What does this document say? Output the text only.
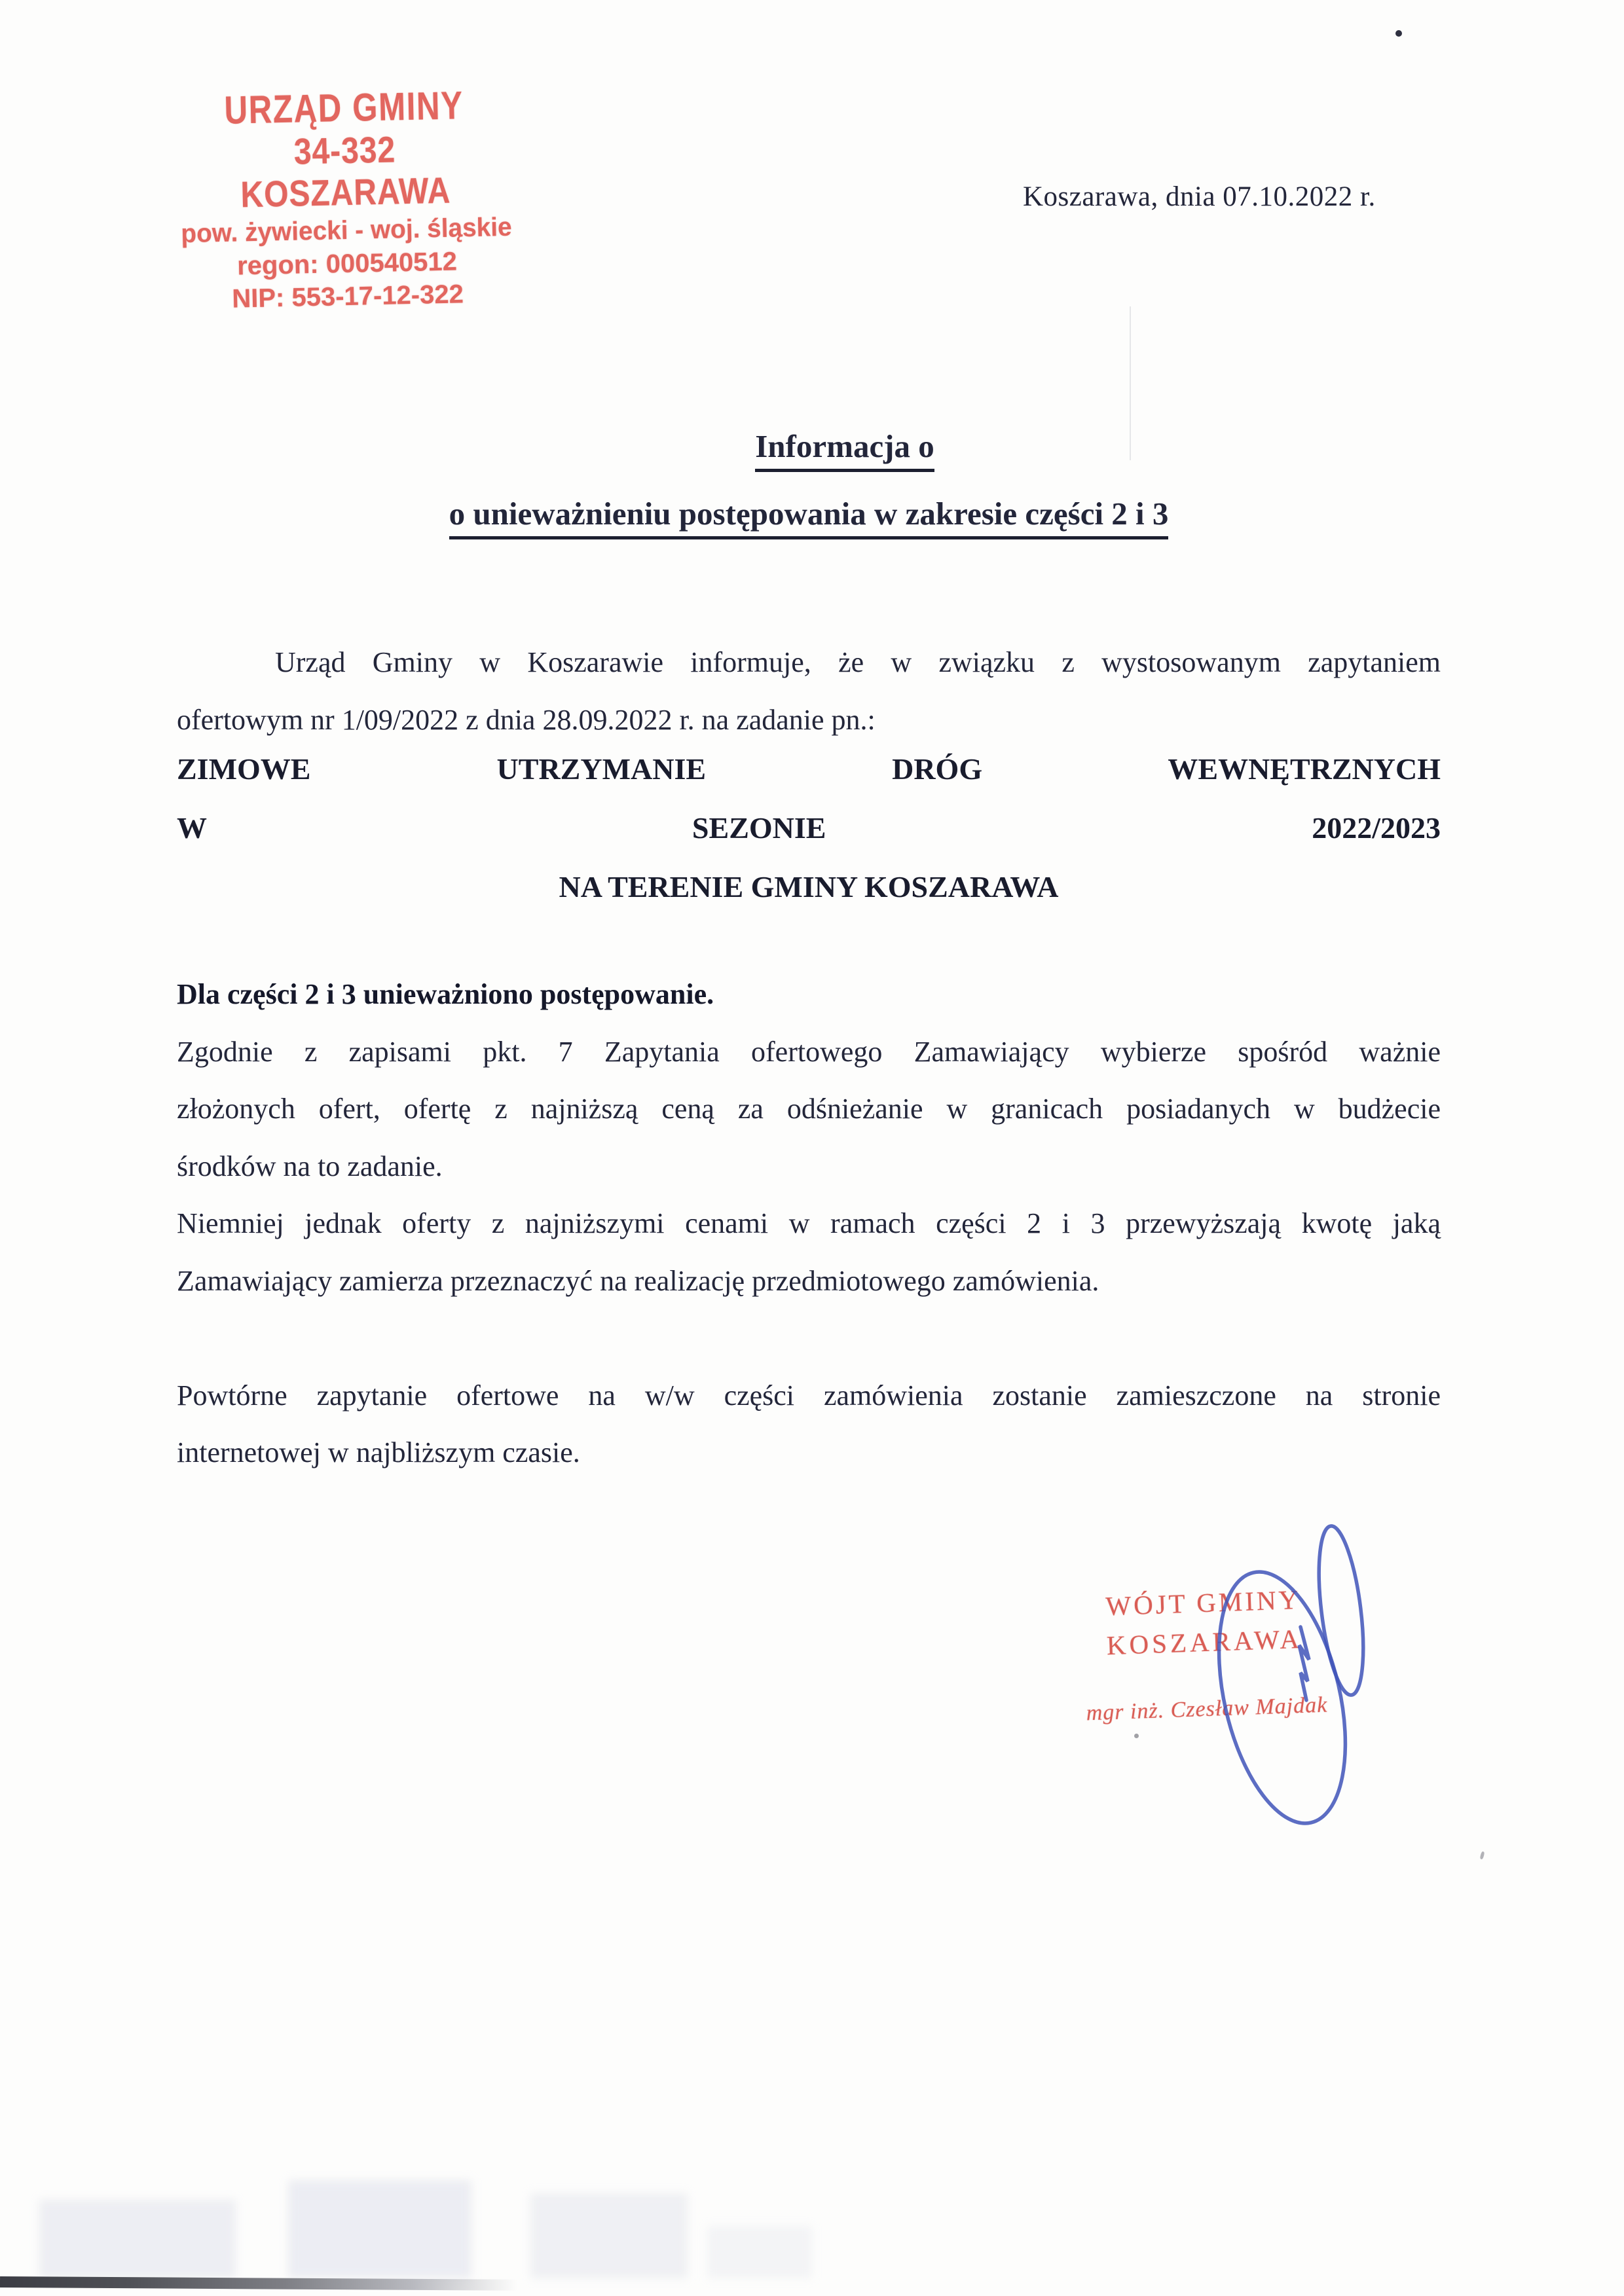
URZĄD GMINY
34-332 KOSZARAWA
pow. żywiecki - woj. śląskie
regon: 000540512
NIP: 553-17-12-322
Koszarawa, dnia 07.10.2022 r.
Informacja o
o unieważnieniu postępowania w zakresie części 2 i 3
Urząd Gminy w Koszarawie informuje, że w związku z wystosowanym zapytaniem
ofertowym nr 1/09/2022 z dnia 28.09.2022 r. na zadanie pn.:
ZIMOWE UTRZYMANIE DRÓG WEWNĘTRZNYCH
W SEZONIE 2022/2023
NA TERENIE GMINY KOSZARAWA
Dla części 2 i 3 unieważniono postępowanie.
Zgodnie z zapisami pkt. 7 Zapytania ofertowego Zamawiający wybierze spośród ważnie
złożonych ofert, ofertę z najniższą ceną za odśnieżanie w granicach posiadanych w budżecie
środków na to zadanie.
Niemniej jednak oferty z najniższymi cenami w ramach części 2 i 3 przewyższają kwotę jaką
Zamawiający zamierza przeznaczyć na realizację przedmiotowego zamówienia.
Powtórne zapytanie ofertowe na w/w części zamówienia zostanie zamieszczone na stronie
internetowej w najbliższym czasie.
WÓJT GMINY
KOSZARAWA
mgr inż. Czesław Majdak
